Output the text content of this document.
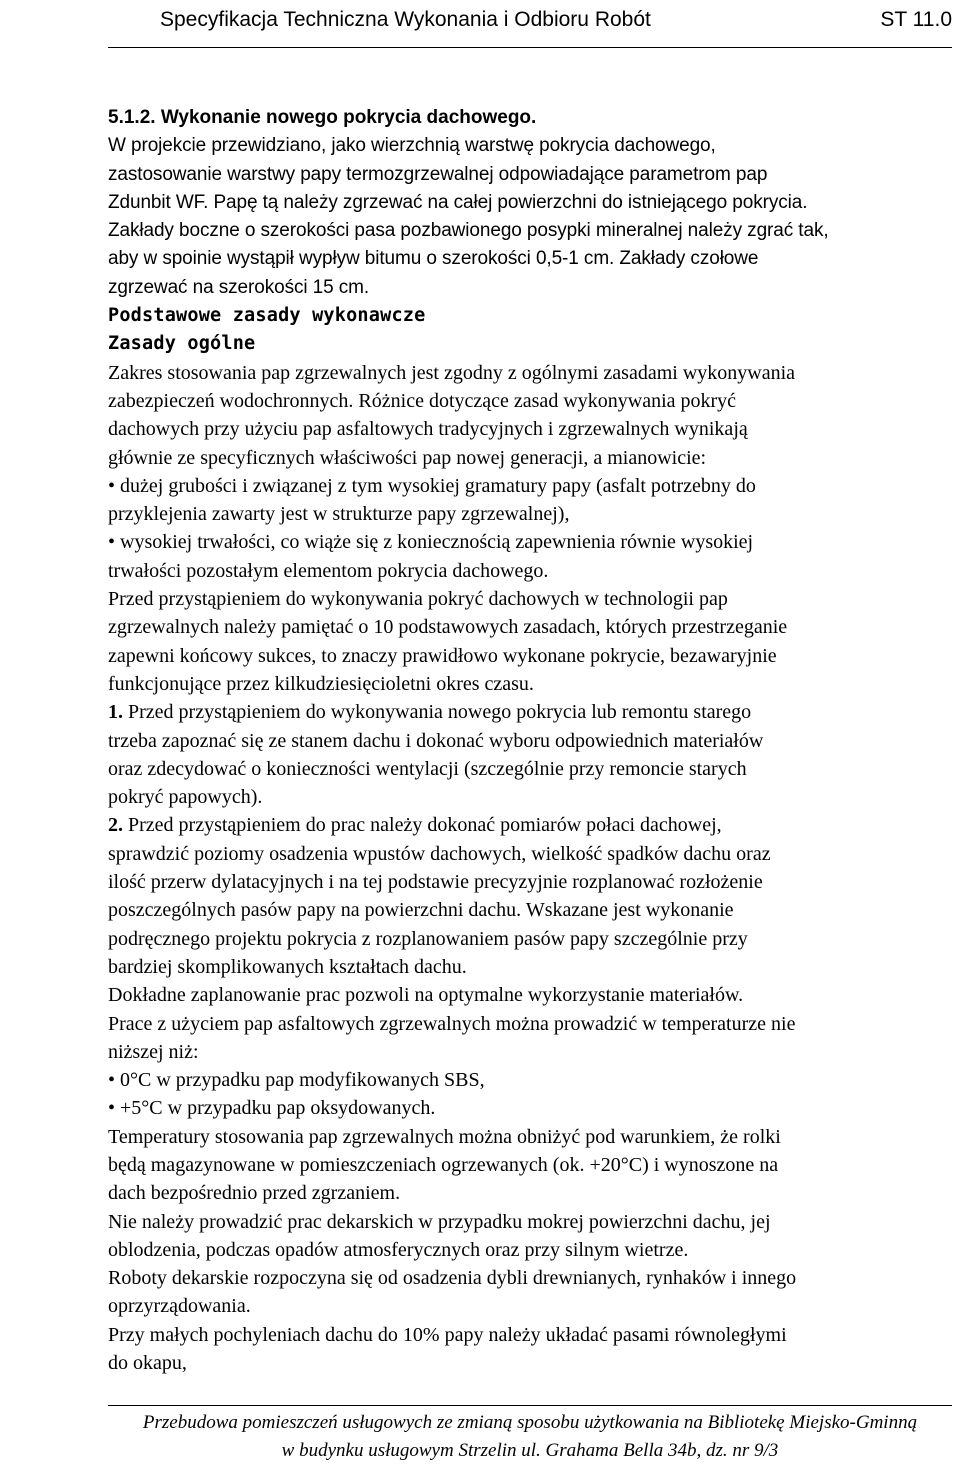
Specyfikacja Techniczna Wykonania i Odbioru Robót	ST 11.0
5.1.2. Wykonanie nowego pokrycia dachowego.
W projekcie przewidziano, jako wierzchnią warstwę pokrycia dachowego,
zastosowanie warstwy papy termozgrzewalnej odpowiadające parametrom pap
Zdunbit WF. Papę tą należy zgrzewać na całej powierzchni do istniejącego pokrycia.
Zakłady boczne o szerokości pasa pozbawionego posypki mineralnej należy zgrać tak,
aby w spoinie wystąpił wypływ bitumu o szerokości 0,5-1 cm. Zakłady czołowe
zgrzewać na szerokości 15 cm.
Podstawowe zasady wykonawcze
Zasady ogólne
Zakres stosowania pap zgrzewalnych jest zgodny z ogólnymi zasadami wykonywania
zabezpieczeń wodochronnych. Różnice dotyczące zasad wykonywania pokryć
dachowych przy użyciu pap asfaltowych tradycyjnych i zgrzewalnych wynikają
głównie ze specyficznych właściwości pap nowej generacji, a mianowicie:
• dużej grubości i związanej z tym wysokiej gramatury papy (asfalt potrzebny do
przyklejenia zawarty jest w strukturze papy zgrzewalnej),
• wysokiej trwałości, co wiąże się z koniecznością zapewnienia równie wysokiej
trwałości pozostałym elementom pokrycia dachowego.
Przed przystąpieniem do wykonywania pokryć dachowych w technologii pap
zgrzewalnych należy pamiętać o 10 podstawowych zasadach, których przestrzeganie
zapewni końcowy sukces, to znaczy prawidłowo wykonane pokrycie, bezawaryjnie
funkcjonujące przez kilkudziesięcioletni okres czasu.
1. Przed przystąpieniem do wykonywania nowego pokrycia lub remontu starego
trzeba zapoznać się ze stanem dachu i dokonać wyboru odpowiednich materiałów
oraz zdecydować o konieczności wentylacji (szczególnie przy remoncie starych
pokryć papowych).
2. Przed przystąpieniem do prac należy dokonać pomiarów połaci dachowej,
sprawdzić poziomy osadzenia wpustów dachowych, wielkość spadków dachu oraz
ilość przerw dylatacyjnych i na tej podstawie precyzyjnie rozplanować rozłożenie
poszczególnych pasów papy na powierzchni dachu. Wskazane jest wykonanie
podręcznego projektu pokrycia z rozplanowaniem pasów papy szczególnie przy
bardziej skomplikowanych kształtach dachu.
Dokładne zaplanowanie prac pozwoli na optymalne wykorzystanie materiałów.
Prace z użyciem pap asfaltowych zgrzewalnych można prowadzić w temperaturze nie
niższej niż:
• 0°C w przypadku pap modyfikowanych SBS,
• +5°C w przypadku pap oksydowanych.
Temperatury stosowania pap zgrzewalnych można obniżyć pod warunkiem, że rolki
będą magazynowane w pomieszczeniach ogrzewanych (ok. +20°C) i wynoszone na
dach bezpośrednio przed zgrzaniem.
Nie należy prowadzić prac dekarskich w przypadku mokrej powierzchni dachu, jej
oblodzenia, podczas opadów atmosferycznych oraz przy silnym wietrze.
Roboty dekarskie rozpoczyna się od osadzenia dybli drewnianych, rynhaków i innego
oprzyrządowania.
Przy małych pochyleniach dachu do 10% papy należy układać pasami równoległymi
do okapu,
Przebudowa pomieszczeń usługowych ze zmianą sposobu użytkowania na Bibliotekę Miejsko-Gminną
w budynku usługowym Strzelin ul. Grahama Bella 34b, dz. nr 9/3
